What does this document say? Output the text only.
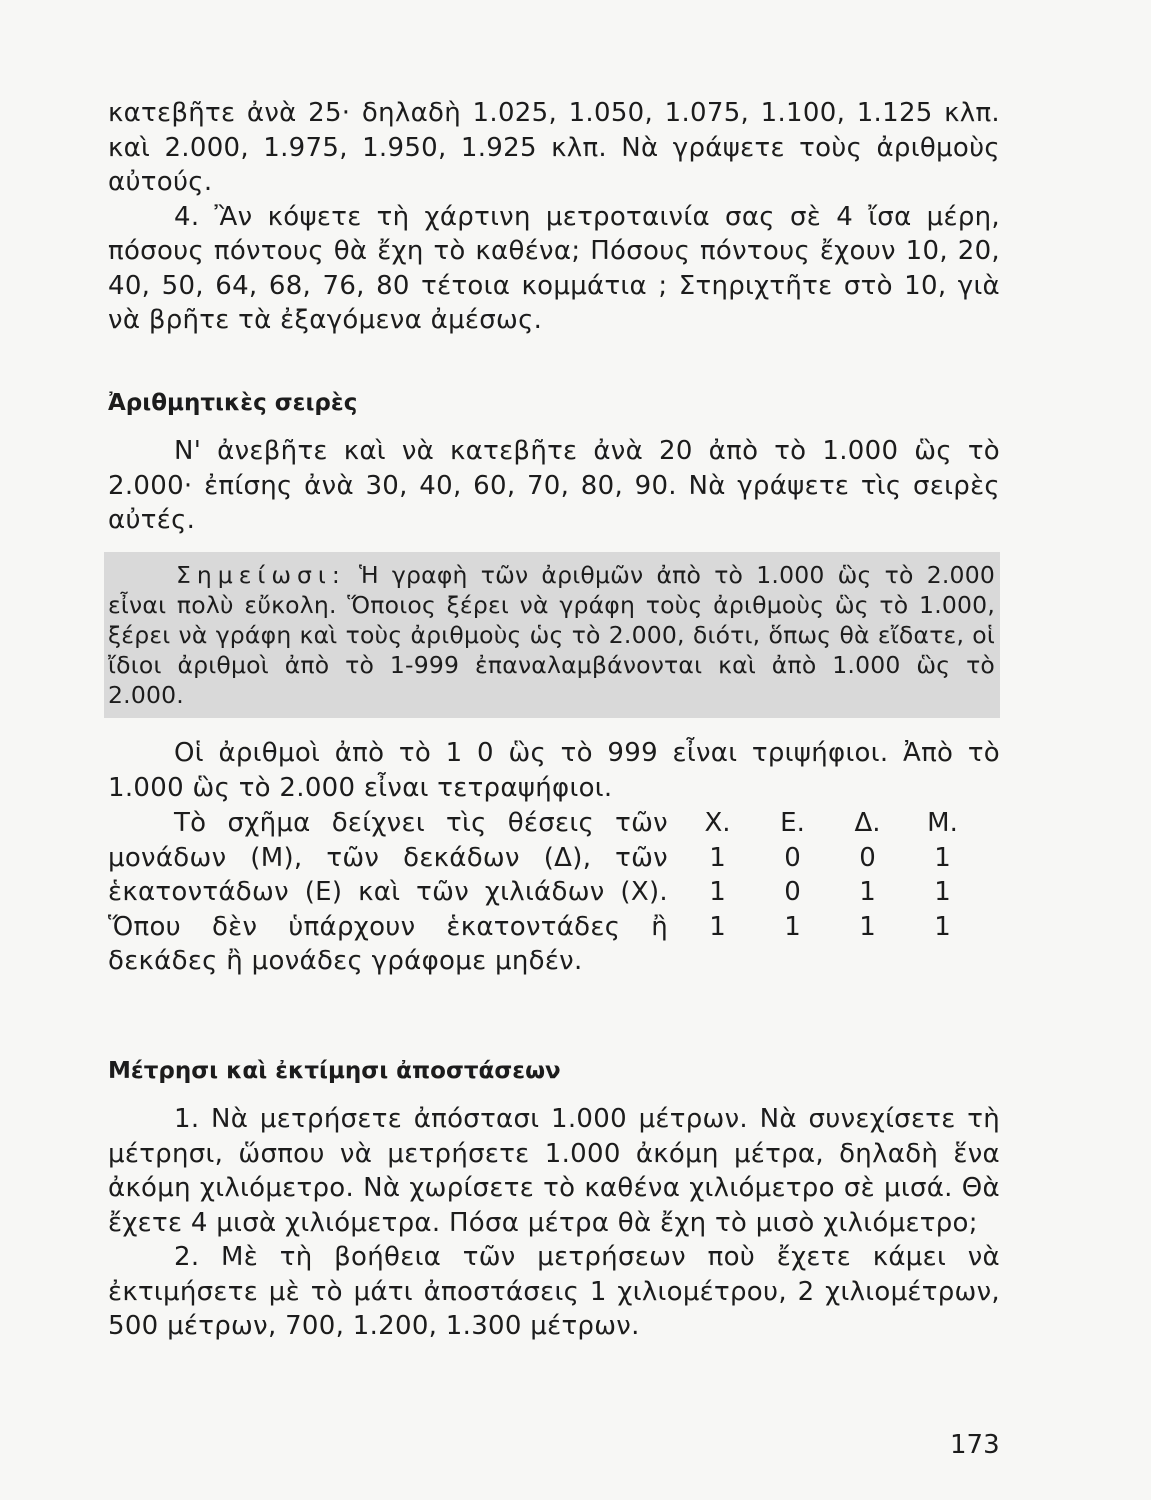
κατεβῆτε ἀνὰ 25· δηλαδὴ 1.025, 1.050, 1.075, 1.100, 1.125 κλπ. καὶ 2.000, 1.975, 1.950, 1.925 κλπ. Νὰ γράψετε τοὺς ἀριθμοὺς αὐτούς.

4. Ἂν κόψετε τὴ χάρτινη μετροταινία σας σὲ 4 ἴσα μέρη, πόσους πόντους θὰ ἔχη τὸ καθένα; Πόσους πόντους ἔχουν 10, 20, 40, 50, 64, 68, 76, 80 τέτοια κομμάτια ; Στηριχτῆτε στὸ 10, γιὰ νὰ βρῆτε τὰ ἐξαγόμενα ἀμέσως.

Ἀριθμητικὲς σειρὲς

Ν' ἀνεβῆτε καὶ νὰ κατεβῆτε ἀνὰ 20 ἀπὸ τὸ 1.000 ὣς τὸ 2.000· ἐπίσης ἀνὰ 30, 40, 60, 70, 80, 90. Νὰ γράψετε τὶς σειρὲς αὐτές.

Σημείωσι: Ἡ γραφὴ τῶν ἀριθμῶν ἀπὸ τὸ 1.000 ὣς τὸ 2.000 εἶναι πολὺ εὔκολη. Ὅποιος ξέρει νὰ γράφη τοὺς ἀριθμοὺς ὣς τὸ 1.000, ξέρει νὰ γράφη καὶ τοὺς ἀριθμοὺς ὡς τὸ 2.000, διότι, ὅπως θὰ εἴδατε, οἱ ἴδιοι ἀριθμοὶ ἀπὸ τὸ 1-999 ἐπαναλαμβάνονται καὶ ἀπὸ 1.000 ὣς τὸ 2.000.

Οἱ ἀριθμοὶ ἀπὸ τὸ 1 0 ὣς τὸ 999 εἶναι τριψήφιοι. Ἀπὸ τὸ 1.000 ὣς τὸ 2.000 εἶναι τετραψήφιοι.

Τὸ σχῆμα δείχνει τὶς θέσεις τῶν μονάδων (Μ), τῶν δεκάδων (Δ), τῶν ἑκατοντάδων (Ε) καὶ τῶν χιλιάδων (Χ). Ὅπου δὲν ὑπάρχουν ἑκατοντάδες ἢ δεκάδες ἢ μονάδες γράφομε μηδέν.

Χ.	Ε.	Δ.	Μ.
1	0	0	1
1	0	1	1
1	1	1	1
Μέτρησι καὶ ἐκτίμησι ἀποστάσεων

1. Νὰ μετρήσετε ἀπόστασι 1.000 μέτρων. Νὰ συνεχίσετε τὴ μέτρησι, ὥσπου νὰ μετρήσετε 1.000 ἀκόμη μέτρα, δηλαδὴ ἕνα ἀκόμη χιλιόμετρο. Νὰ χωρίσετε τὸ καθένα χιλιόμετρο σὲ μισά. Θὰ ἔχετε 4 μισὰ χιλιόμετρα. Πόσα μέτρα θὰ ἔχη τὸ μισὸ χιλιόμετρο;

2. Μὲ τὴ βοήθεια τῶν μετρήσεων ποὺ ἔχετε κάμει νὰ ἐκτιμήσετε μὲ τὸ μάτι ἀποστάσεις 1 χιλιομέτρου, 2 χιλιομέτρων, 500 μέτρων, 700, 1.200, 1.300 μέτρων.

173
